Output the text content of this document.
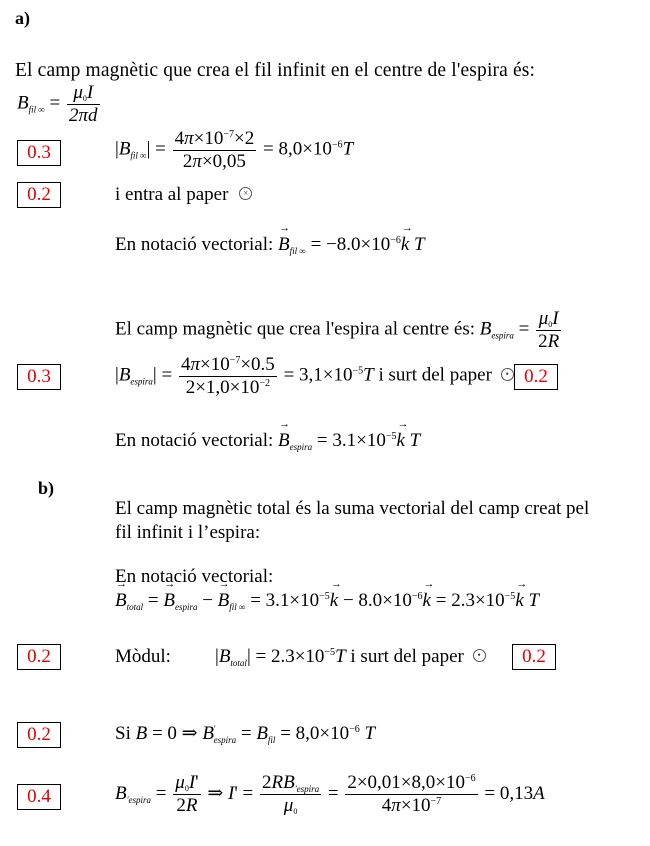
a)
El camp magnètic que crea el fil infinit en el centre de l'espira és:
$B_{fil \infty} = \frac{\mu_0I}{2\pi d}$
0.3	$|B_{fil \infty}| = \frac{4\pi\times 10^{-7}\times 2}{2\pi\times 0,05} = 8,0\times 10^{-6}T$
0.2	i entra al paper ×
En notació vectorial: → $B_{fil \infty} = -8.0\times 10^{-6}\to k$ T
El camp magnètic que crea l'espira al centre és: $B_{espira} = \frac{\mu_0I}{2R}$
0.3	$|B_{espira}| = \frac{4\pi\times 10^{-7}\times 0.5}{2\times 1,0\times 10^{-2}} = 3,1\times 10^{-5}T$ i surt del paper • 0.2
En notació vectorial: → $B_{espira} = 3.1\times 10^{-5}\to k$ T
b)
El camp magnètic total és la suma vectorial del camp creat pel
fil infinit i l’espira:
En notació vectorial:
→ $B_{total}$ = → $B_{espira}$ − → $B_{fil \infty} = 3.1\times 10^{-5}\to k - 8.0\times 10^{-6}\to k = 2.3\times 10^{-5}\to k$ T
0.2	Mòdul: $|B_{total}| = 2.3\times 10^{-5}T$ i surt del paper •	0.2
0.2	Si B = 0 ⇒ $B'_{espira} = B_{fil} = 8,0\times 10^{-6}$ T
0.4	$B_{'espira} = \frac{\mu_0I'}{2R}$ ⇒ $I' = \frac{2RB_{'espira}}{\mu_0} = \frac{2\times 0,01\times 8,0\times 10^{-6}}{4\pi\times 10^{-7}} = 0,13A$
